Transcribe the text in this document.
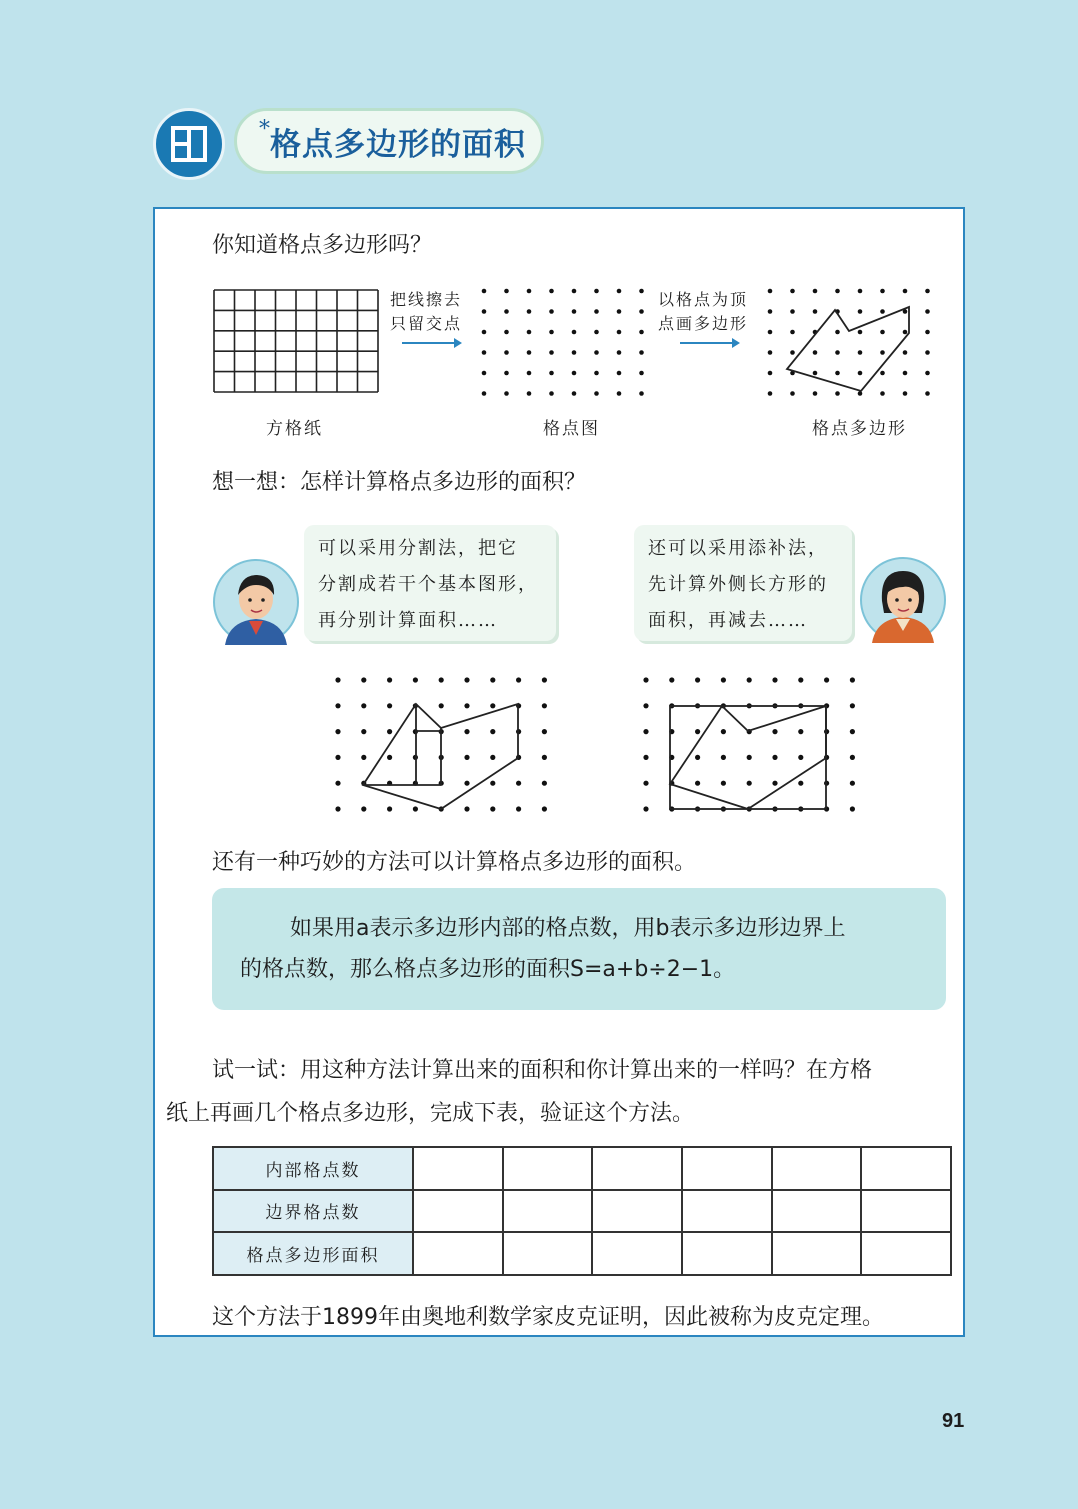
* 格点多边形的面积
你知道格点多边形吗？
把线擦去
只留交点
以格点为顶
点画多边形
方格纸	格点图	格点多边形
想一想：怎样计算格点多边形的面积？
可以采用分割法，把它
分割成若干个基本图形，
再分别计算面积……
还可以采用添补法，
先计算外侧长方形的
面积，再减去……
还有一种巧妙的方法可以计算格点多边形的面积。
如果用a表示多边形内部的格点数，用b表示多边形边界上
的格点数，那么格点多边形的面积S=a+b÷2−1。
试一试：用这种方法计算出来的面积和你计算出来的一样吗？在方格
纸上再画几个格点多边形，完成下表，验证这个方法。
内部格点数						
边界格点数						
格点多边形面积						
这个方法于1899年由奥地利数学家皮克证明，因此被称为皮克定理。
91
